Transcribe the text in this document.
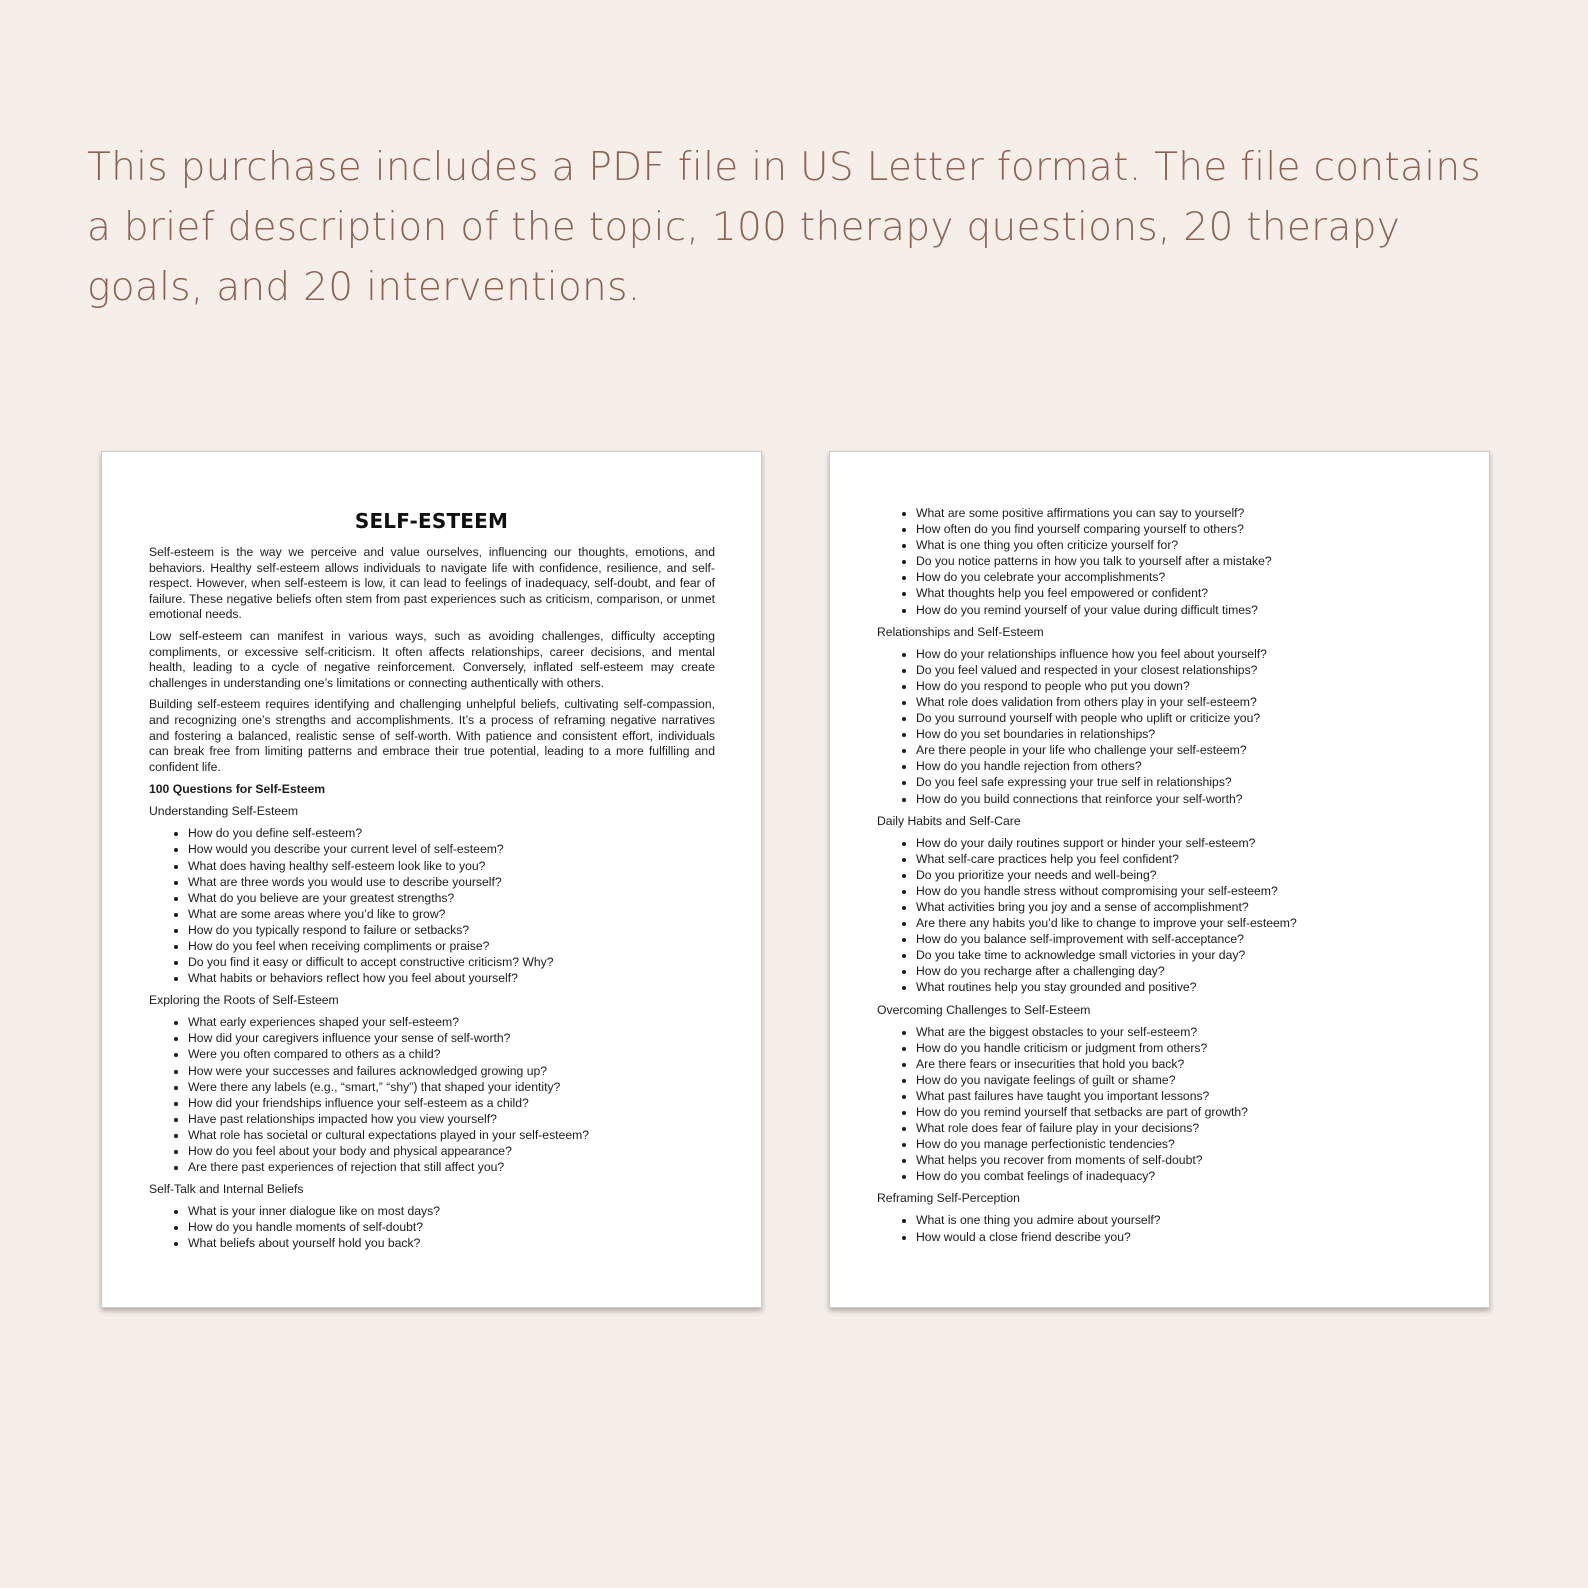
This purchase includes a PDF file in US Letter format. The file contains a brief description of the topic, 100 therapy questions, 20 therapy goals, and 20 interventions.

SELF-ESTEEM

Self-esteem is the way we perceive and value ourselves, influencing our thoughts, emotions, and behaviors. Healthy self-esteem allows individuals to navigate life with confidence, resilience, and self-respect. However, when self-esteem is low, it can lead to feelings of inadequacy, self-doubt, and fear of failure. These negative beliefs often stem from past experiences such as criticism, comparison, or unmet emotional needs.

Low self-esteem can manifest in various ways, such as avoiding challenges, difficulty accepting compliments, or excessive self-criticism. It often affects relationships, career decisions, and mental health, leading to a cycle of negative reinforcement. Conversely, inflated self-esteem may create challenges in understanding one’s limitations or connecting authentically with others.

Building self-esteem requires identifying and challenging unhelpful beliefs, cultivating self-compassion, and recognizing one’s strengths and accomplishments. It’s a process of reframing negative narratives and fostering a balanced, realistic sense of self-worth. With patience and consistent effort, individuals can break free from limiting patterns and embrace their true potential, leading to a more fulfilling and confident life.

100 Questions for Self-Esteem
Understanding Self-Esteem
• How do you define self-esteem?
• How would you describe your current level of self-esteem?
• What does having healthy self-esteem look like to you?
• What are three words you would use to describe yourself?
• What do you believe are your greatest strengths?
• What are some areas where you’d like to grow?
• How do you typically respond to failure or setbacks?
• How do you feel when receiving compliments or praise?
• Do you find it easy or difficult to accept constructive criticism? Why?
• What habits or behaviors reflect how you feel about yourself?
Exploring the Roots of Self-Esteem
• What early experiences shaped your self-esteem?
• How did your caregivers influence your sense of self-worth?
• Were you often compared to others as a child?
• How were your successes and failures acknowledged growing up?
• Were there any labels (e.g., “smart,” “shy”) that shaped your identity?
• How did your friendships influence your self-esteem as a child?
• Have past relationships impacted how you view yourself?
• What role has societal or cultural expectations played in your self-esteem?
• How do you feel about your body and physical appearance?
• Are there past experiences of rejection that still affect you?
Self-Talk and Internal Beliefs
• What is your inner dialogue like on most days?
• How do you handle moments of self-doubt?
• What beliefs about yourself hold you back?
• What are some positive affirmations you can say to yourself?
• How often do you find yourself comparing yourself to others?
• What is one thing you often criticize yourself for?
• Do you notice patterns in how you talk to yourself after a mistake?
• How do you celebrate your accomplishments?
• What thoughts help you feel empowered or confident?
• How do you remind yourself of your value during difficult times?
Relationships and Self-Esteem
• How do your relationships influence how you feel about yourself?
• Do you feel valued and respected in your closest relationships?
• How do you respond to people who put you down?
• What role does validation from others play in your self-esteem?
• Do you surround yourself with people who uplift or criticize you?
• How do you set boundaries in relationships?
• Are there people in your life who challenge your self-esteem?
• How do you handle rejection from others?
• Do you feel safe expressing your true self in relationships?
• How do you build connections that reinforce your self-worth?
Daily Habits and Self-Care
• How do your daily routines support or hinder your self-esteem?
• What self-care practices help you feel confident?
• Do you prioritize your needs and well-being?
• How do you handle stress without compromising your self-esteem?
• What activities bring you joy and a sense of accomplishment?
• Are there any habits you’d like to change to improve your self-esteem?
• How do you balance self-improvement with self-acceptance?
• Do you take time to acknowledge small victories in your day?
• How do you recharge after a challenging day?
• What routines help you stay grounded and positive?
Overcoming Challenges to Self-Esteem
• What are the biggest obstacles to your self-esteem?
• How do you handle criticism or judgment from others?
• Are there fears or insecurities that hold you back?
• How do you navigate feelings of guilt or shame?
• What past failures have taught you important lessons?
• How do you remind yourself that setbacks are part of growth?
• What role does fear of failure play in your decisions?
• How do you manage perfectionistic tendencies?
• What helps you recover from moments of self-doubt?
• How do you combat feelings of inadequacy?
Reframing Self-Perception
• What is one thing you admire about yourself?
• How would a close friend describe you?
